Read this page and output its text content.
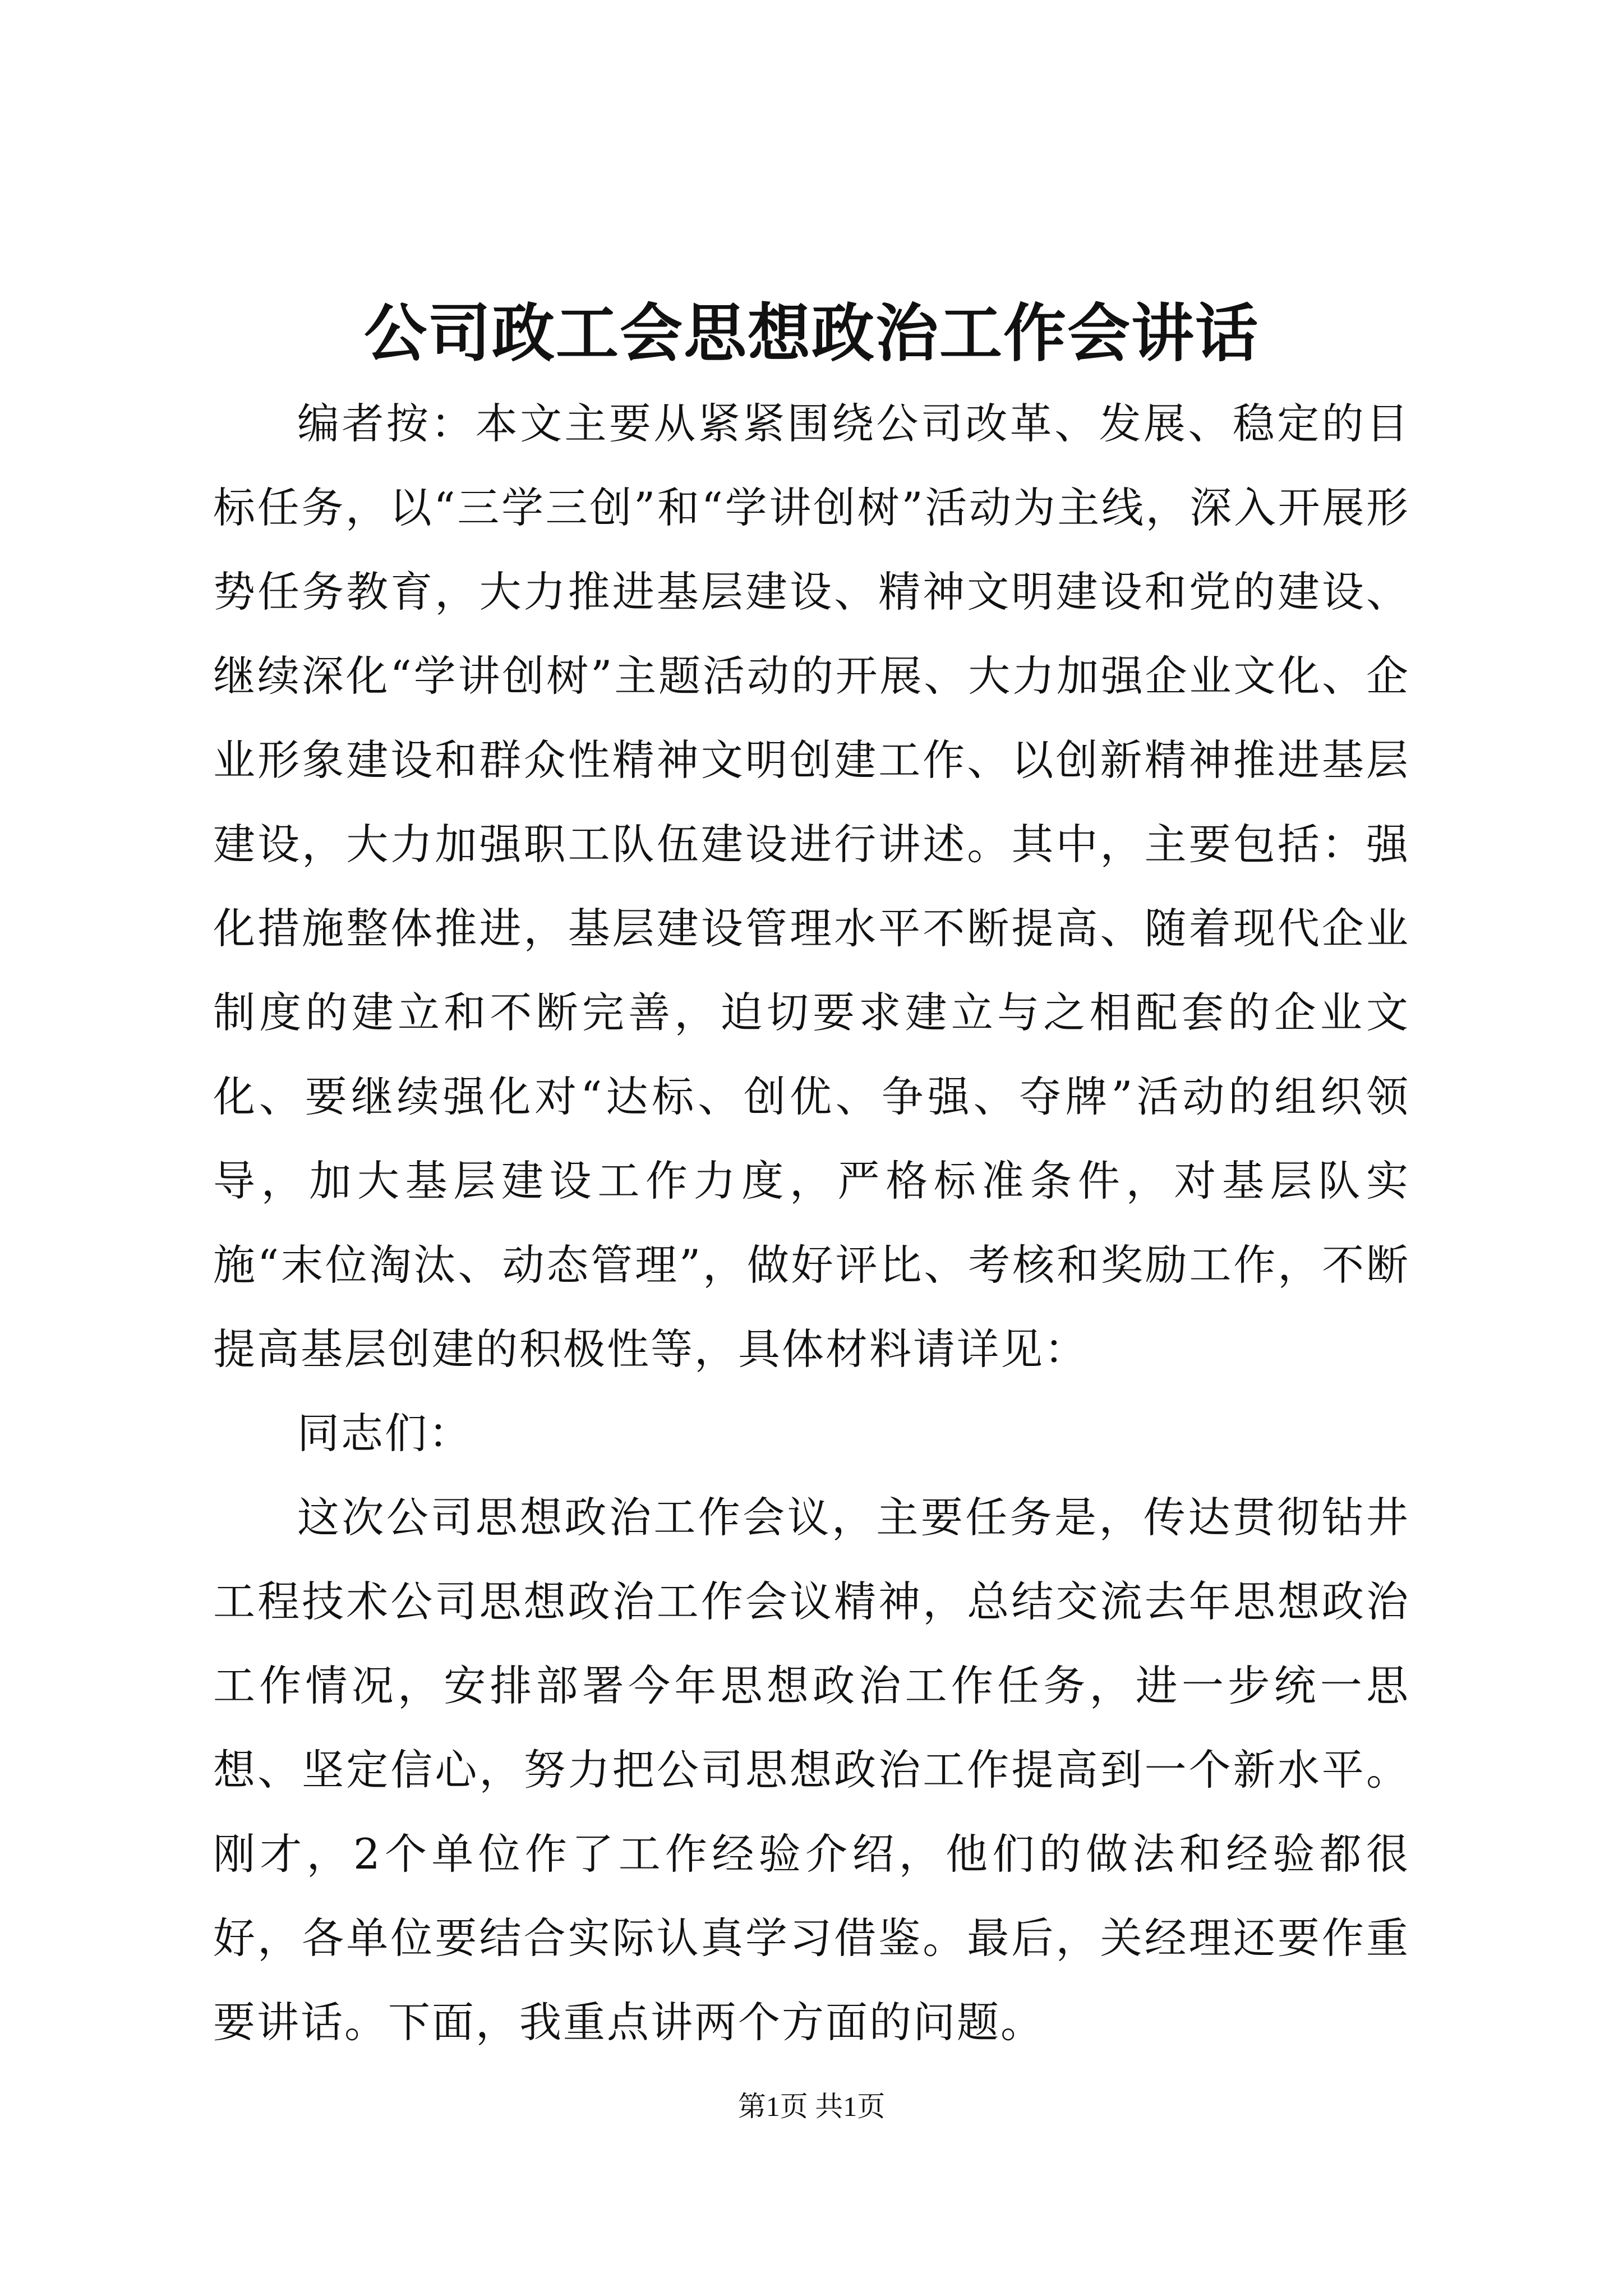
公司政工会思想政治工作会讲话

编者按：本文主要从紧紧围绕公司改革、发展、稳定的目标任务，以“三学三创”和“学讲创树”活动为主线，深入开展形势任务教育，大力推进基层建设、精神文明建设和党的建设、继续深化“学讲创树”主题活动的开展、大力加强企业文化、企业形象建设和群众性精神文明创建工作、以创新精神推进基层建设，大力加强职工队伍建设进行讲述。其中，主要包括：强化措施整体推进，基层建设管理水平不断提高、随着现代企业制度的建立和不断完善，迫切要求建立与之相配套的企业文化、要继续强化对“达标、创优、争强、夺牌”活动的组织领导，加大基层建设工作力度，严格标准条件，对基层队实施“末位淘汰、动态管理”，做好评比、考核和奖励工作，不断提高基层创建的积极性等，具体材料请详见：

同志们：

这次公司思想政治工作会议，主要任务是，传达贯彻钻井工程技术公司思想政治工作会议精神，总结交流去年思想政治工作情况，安排部署今年思想政治工作任务，进一步统一思想、坚定信心，努力把公司思想政治工作提高到一个新水平。刚才，2个单位作了工作经验介绍，他们的做法和经验都很好，各单位要结合实际认真学习借鉴。最后，关经理还要作重要讲话。下面，我重点讲两个方面的问题。

第1页 共1页
